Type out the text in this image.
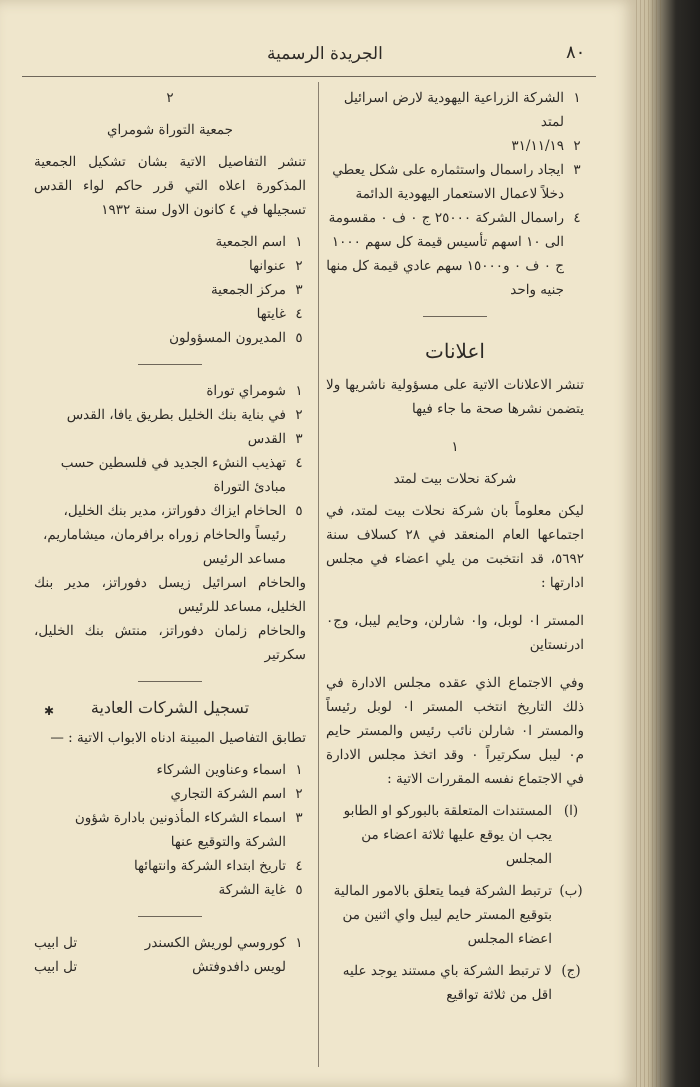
٨٠
الجريدة الرسمية
١
الشركة الزراعية اليهودية لارض اسرائيل لمتد
٢
٣١/١١/١٩
٣
ايجاد راسمال واستثماره على شكل يعطي دخلاً لاعمال الاستعمار اليهودية الدائمة
٤
راسمال الشركة ٢٥٠٠٠ ج ٠ ف ٠ مقسومة الى ١٠ اسهم تأسيس قيمة كل سهم ١٠٠٠ ج ٠ ف ٠ و١٥٠٠٠ سهم عادي قيمة كل منها جنيه واحد
اعلانات
تنشر الاعلانات الاتية على مسؤولية ناشريها ولا يتضمن نشرها صحة ما جاء فيها
١
شركة نحلات بيت لمتد
ليكن معلوماً بان شركة نحلات بيت لمتد، في اجتماعها العام المنعقد في ٢٨ كسلاف سنة ٥٦٩٢، قد انتخبت من يلي اعضاء في مجلس ادارتها :
المستر ا٠ لوبل، وا٠ شارلن، وحايم ليبل، وج٠ ادرنستاين
وفي الاجتماع الذي عقده مجلس الادارة في ذلك التاريخ انتخب المستر ا٠ لوبل رئيساً والمستر ا٠ شارلن نائب رئيس والمستر حايم م٠ ليبل سكرتيراً ٠ وقد اتخذ مجلس الادارة في الاجتماع نفسه المقررات الاتية :
(ا)
المستندات المتعلقة بالبوركو او الطابو يجب ان يوقع عليها ثلاثة اعضاء من المجلس
(ب)
ترتبط الشركة فيما يتعلق بالامور المالية بتوقيع المستر حايم ليبل واي اثنين من اعضاء المجلس
(ج)
لا ترتبط الشركة باي مستند يوجد عليه اقل من ثلاثة تواقيع
٢
جمعية التوراة شومراي
تنشر التفاصيل الاتية بشان تشكيل الجمعية المذكورة اعلاه التي قرر حاكم لواء القدس تسجيلها في ٤ كانون الاول سنة ١٩٣٢
١
اسم الجمعية
٢
عنوانها
٣
مركز الجمعية
٤
غايتها
٥
المديرون المسؤولون
١
شومراي توراة
٢
في بناية بنك الخليل بطريق يافا، القدس
٣
القدس
٤
تهذيب النشء الجديد في فلسطين حسب مبادئ التوراة
٥
الحاخام ايزاك دفوراتز، مدير بنك الخليل، رئيساً والحاخام زوراه برافرمان، ميشاماريم، مساعد الرئيس
والحاخام اسرائيل زيسل دفوراتز، مدير بنك الخليل، مساعد للرئيس
والحاخام زلمان دفوراتز، منتش بنك الخليل، سكرتير
تسجيل الشركات العادية
تطابق التفاصيل المبينة ادناه الابواب الاتية : —
١
اسماء وعناوين الشركاء
٢
اسم الشركة التجاري
٣
اسماء الشركاء المأذونين بادارة شؤون الشركة والتوقيع عنها
٤
تاريخ ابتداء الشركة وانتهائها
٥
غاية الشركة
١
كوروسي لوريش الكسندر
تل ابيب
لويس دافدوفتش
تل ابيب
✱
